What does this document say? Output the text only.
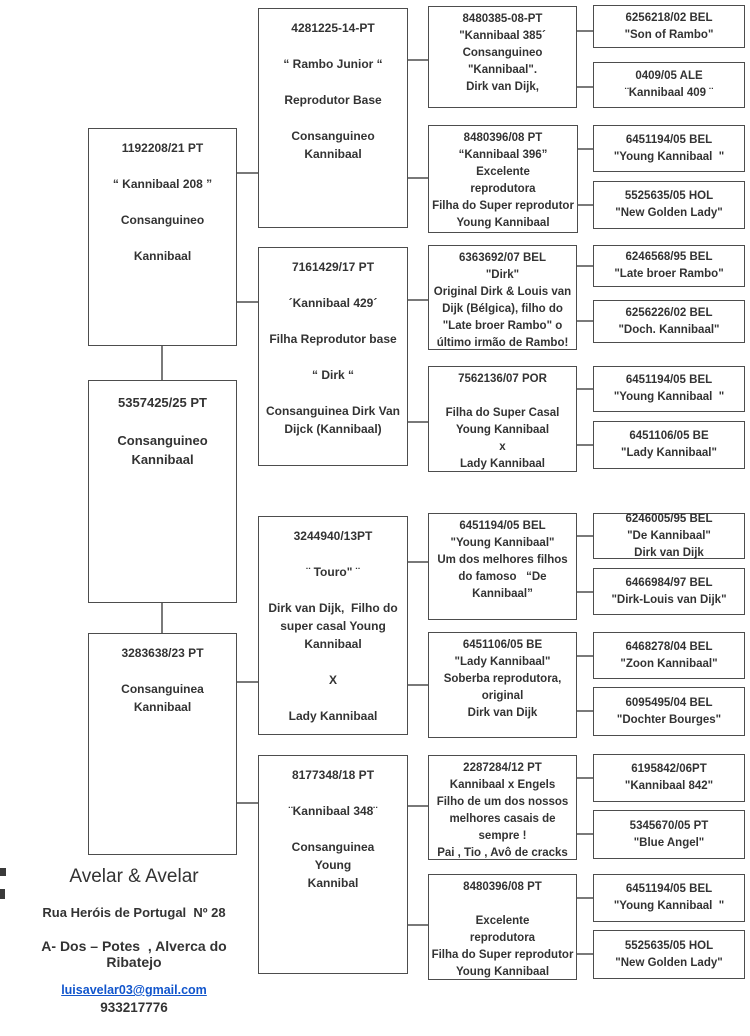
1192208/21 PT
“ Kannibaal 208 ”
Consanguineo
Kannibaal
5357425/25 PT
Consanguineo
Kannibaal
3283638/23 PT
Consanguinea
Kannibaal
4281225-14-PT
“ Rambo Junior “
Reprodutor Base
Consanguineo
Kannibaal
7161429/17 PT
´Kannibaal 429´
Filha Reprodutor base
“ Dirk “
Consanguinea Dirk Van
Dijck (Kannibaal)
3244940/13PT
¨ Touro" ¨
Dirk van Dijk,  Filho do
super casal Young
Kannibaal
X
Lady Kannibaal
8177348/18 PT
¨Kannibaal 348¨
Consanguinea
Young
Kannibal
8480385-08-PT
"Kannibaal 385´
Consanguineo
"Kannibaal".
Dirk van Dijk,
8480396/08 PT
“Kannibaal 396”
Excelente
reprodutora
Filha do Super reprodutor
Young Kannibaal
6363692/07 BEL
"Dirk"
Original Dirk & Louis van
Dijk (Bélgica), filho do
"Late broer Rambo" o
último irmão de Rambo!
7562136/07 POR
Filha do Super Casal
Young Kannibaal
x
Lady Kannibaal
6451194/05 BEL
"Young Kannibaal"
Um dos melhores filhos
do famoso   “De
Kannibaal”
6451106/05 BE
"Lady Kannibaal"
Soberba reprodutora,
original
Dirk van Dijk
2287284/12 PT
Kannibaal x Engels
Filho de um dos nossos
melhores casais de
sempre !
Pai , Tio , Avô de cracks
8480396/08 PT
Excelente
reprodutora
Filha do Super reprodutor
Young Kannibaal
6256218/02 BEL
"Son of Rambo"
0409/05 ALE
¨Kannibaal 409 ¨
6451194/05 BEL
"Young Kannibaal  "
5525635/05 HOL
"New Golden Lady"
6246568/95 BEL
"Late broer Rambo"
6256226/02 BEL
"Doch. Kannibaal"
6451194/05 BEL
"Young Kannibaal  "
6451106/05 BE
"Lady Kannibaal"
6246005/95 BEL
"De Kannibaal"
Dirk van Dijk
6466984/97 BEL
"Dirk-Louis van Dijk"
6468278/04 BEL
"Zoon Kannibaal"
6095495/04 BEL
"Dochter Bourges"
6195842/06PT
"Kannibaal 842"
5345670/05 PT
"Blue Angel"
6451194/05 BEL
"Young Kannibaal  "
5525635/05 HOL
"New Golden Lady"
Avelar & Avelar
Rua Heróis de Portugal  Nº 28
A- Dos – Potes  , Alverca do Ribatejo
luisavelar03@gmail.com
933217776
